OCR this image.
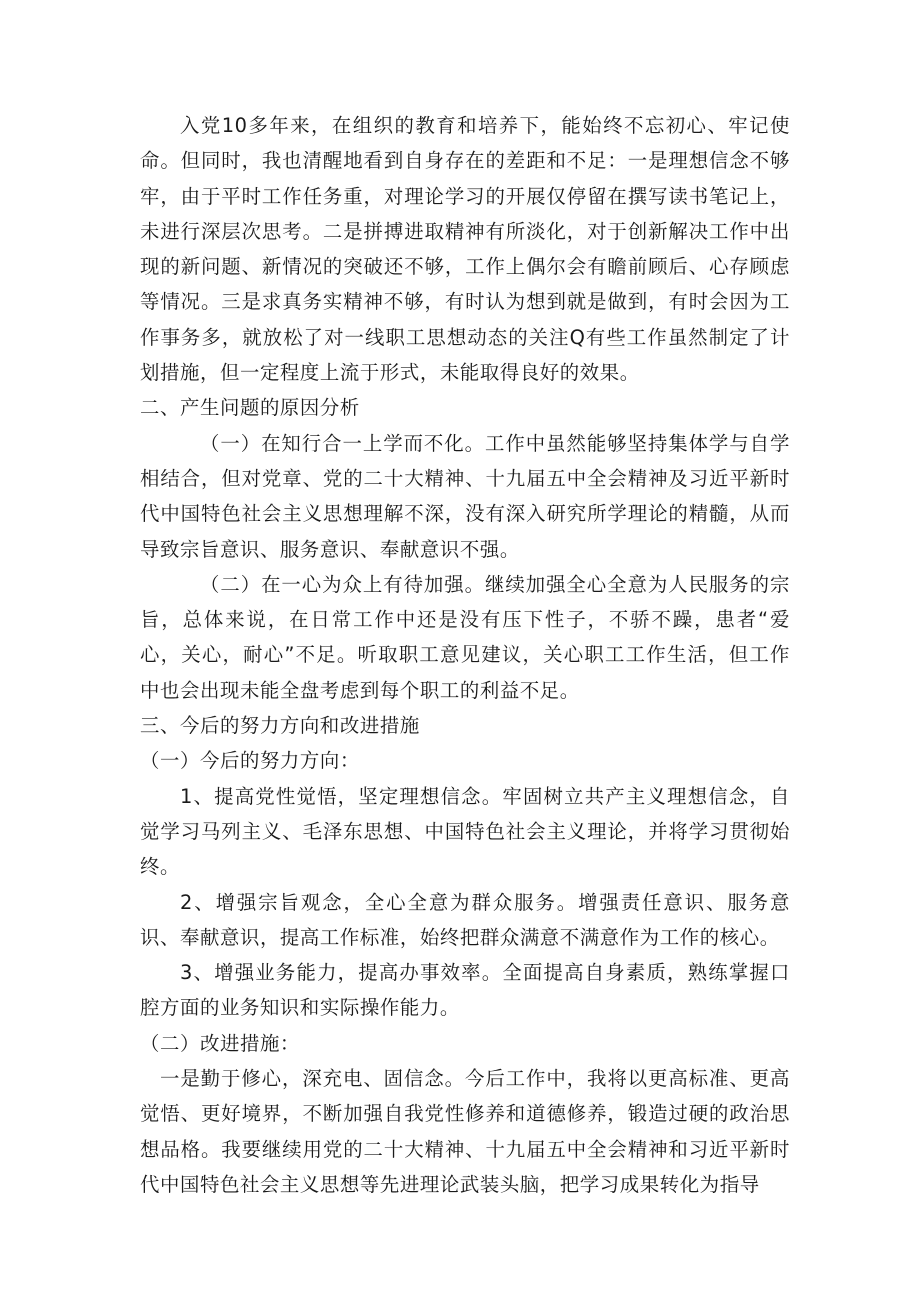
入党10多年来，在组织的教育和培养下，能始终不忘初心、牢记使命。但同时，我也清醒地看到自身存在的差距和不足：一是理想信念不够牢，由于平时工作任务重，对理论学习的开展仅停留在撰写读书笔记上，未进行深层次思考。二是拼搏进取精神有所淡化，对于创新解决工作中出现的新问题、新情况的突破还不够，工作上偶尔会有瞻前顾后、心存顾虑等情况。三是求真务实精神不够，有时认为想到就是做到，有时会因为工作事务多，就放松了对一线职工思想动态的关注Q有些工作虽然制定了计划措施，但一定程度上流于形式，未能取得良好的效果。

二、产生问题的原因分析

（一）在知行合一上学而不化。工作中虽然能够坚持集体学与自学相结合，但对党章、党的二十大精神、十九届五中全会精神及习近平新时代中国特色社会主义思想理解不深，没有深入研究所学理论的精髓，从而导致宗旨意识、服务意识、奉献意识不强。

（二）在一心为众上有待加强。继续加强全心全意为人民服务的宗旨，总体来说，在日常工作中还是没有压下性子，不骄不躁，患者“爱心，关心，耐心”不足。听取职工意见建议，关心职工工作生活，但工作中也会出现未能全盘考虑到每个职工的利益不足。

三、今后的努力方向和改进措施

（一）今后的努力方向：

1、提高党性觉悟，坚定理想信念。牢固树立共产主义理想信念，自觉学习马列主义、毛泽东思想、中国特色社会主义理论，并将学习贯彻始终。

2、增强宗旨观念，全心全意为群众服务。增强责任意识、服务意识、奉献意识，提高工作标准，始终把群众满意不满意作为工作的核心。

3、增强业务能力，提高办事效率。全面提高自身素质，熟练掌握口腔方面的业务知识和实际操作能力。

（二）改进措施：

一是勤于修心，深充电、固信念。今后工作中，我将以更高标准、更高觉悟、更好境界，不断加强自我党性修养和道德修养，锻造过硬的政治思想品格。我要继续用党的二十大精神、十九届五中全会精神和习近平新时代中国特色社会主义思想等先进理论武装头脑，把学习成果转化为指导
